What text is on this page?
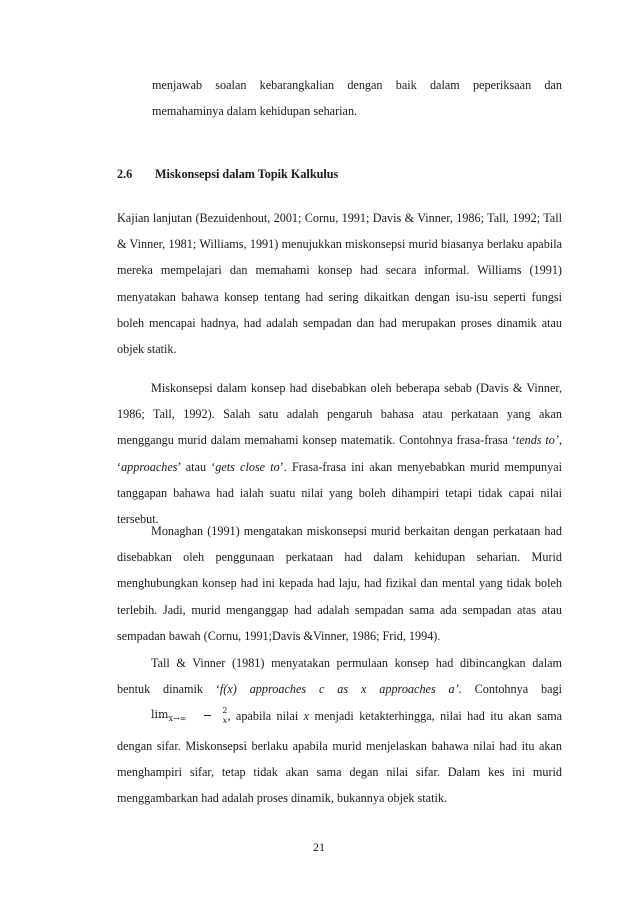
menjawab soalan kebarangkalian dengan baik dalam peperiksaan dan memahaminya dalam kehidupan seharian.

2.6 Miskonsepsi dalam Topik Kalkulus

Kajian lanjutan (Bezuidenhout, 2001; Cornu, 1991; Davis & Vinner, 1986; Tall, 1992; Tall & Vinner, 1981; Williams, 1991) menujukkan miskonsepsi murid biasanya berlaku apabila mereka mempelajari dan memahami konsep had secara informal. Williams (1991) menyatakan bahawa konsep tentang had sering dikaitkan dengan isu-isu seperti fungsi boleh mencapai hadnya, had adalah sempadan dan had merupakan proses dinamik atau objek statik.

Miskonsepsi dalam konsep had disebabkan oleh beberapa sebab (Davis & Vinner, 1986; Tall, 1992). Salah satu adalah pengaruh bahasa atau perkataan yang akan menggangu murid dalam memahami konsep matematik. Contohnya frasa-frasa ‘tends to’, ‘approaches’ atau ‘gets close to’. Frasa-frasa ini akan menyebabkan murid mempunyai tanggapan bahawa had ialah suatu nilai yang boleh dihampiri tetapi tidak capai nilai tersebut.

Monaghan (1991) mengatakan miskonsepsi murid berkaitan dengan perkataan had disebabkan oleh penggunaan perkataan had dalam kehidupan seharian. Murid menghubungkan konsep had ini kepada had laju, had fizikal dan mental yang tidak boleh terlebih. Jadi, murid menganggap had adalah sempadan sama ada sempadan atas atau sempadan bawah (Cornu, 1991;Davis &Vinner, 1986; Frid, 1994).

Tall & Vinner (1981) menyatakan permulaan konsep had dibincangkan dalam bentuk dinamik ‘f(x) approaches c as x approaches a’. Contohnya bagi $\lim_{x\to\infty} \frac{2}{x}$ , apabila nilai x menjadi ketakterhingga, nilai had itu akan sama dengan sifar. Miskonsepsi berlaku apabila murid menjelaskan bahawa nilai had itu akan menghampiri sifar, tetap tidak akan sama degan nilai sifar. Dalam kes ini murid menggambarkan had adalah proses dinamik, bukannya objek statik.

21
